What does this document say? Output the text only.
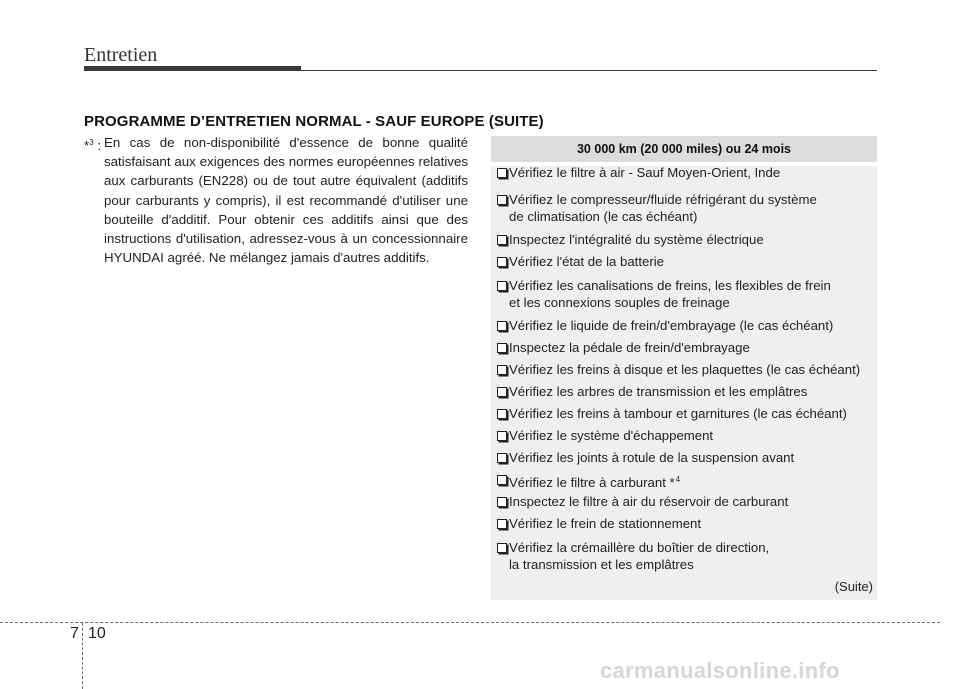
Entretien
PROGRAMME D’ENTRETIEN NORMAL - SAUF EUROPE (SUITE)
*$^3$ : En cas de non-disponibilité d'essence de bonne qualité satisfaisant aux exigences des normes européennes relatives aux carburants (EN228) ou de tout autre équivalent (additifs pour carburants y compris), il est recommandé d'utiliser une bouteille d'additif. Pour obtenir ces additifs ainsi que des instructions d'utilisation, adressez-vous à un concessionnaire HYUNDAI agréé. Ne mélangez jamais d'autres additifs.
30 000 km (20 000 miles) ou 24 mois
Vérifiez le filtre à air - Sauf Moyen-Orient, Inde
Vérifiez le compresseur/fluide réfrigérant du système
de climatisation (le cas échéant)
Inspectez l'intégralité du système électrique
Vérifiez l'état de la batterie
Vérifiez les canalisations de freins, les flexibles de frein
et les connexions souples de freinage
Vérifiez le liquide de frein/d'embrayage (le cas échéant)
Inspectez la pédale de frein/d'embrayage
Vérifiez les freins à disque et les plaquettes (le cas échéant)
Vérifiez les arbres de transmission et les emplâtres
Vérifiez les freins à tambour et garnitures (le cas échéant)
Vérifiez le système d'échappement
Vérifiez les joints à rotule de la suspension avant
Vérifiez le filtre à carburant *$^4$
Inspectez le filtre à air du réservoir de carburant
Vérifiez le frein de stationnement
Vérifiez la crémaillère du boîtier de direction,
la transmission et les emplâtres
(Suite)
7 10
carmanualsonline.info
